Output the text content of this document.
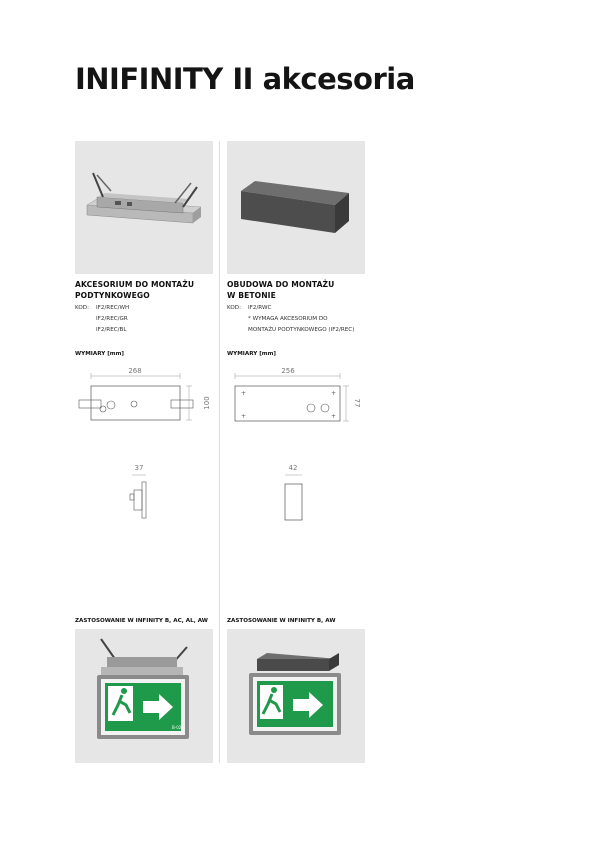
INIFINITY II akcesoria
AKCESORIUM DO MONTAŻU
PODTYNKOWEGO
KOD:	IF2/REC/WH
IF2/REC/GR
IF2/REC/BL
OBUDOWA DO MONTAŻU
W BETONIE
KOD:	IF2/RWC
* WYMAGA AKCESORIUM DO
MONTAŻU PODTYNKOWEGO (IF2/REC)
WYMIARY [mm]	WYMIARY [mm]
268
100
37
256
+
+
+
+
77
42
ZASTOSOWANIE W INFINITY B, AC, AL, AW	ZASTOSOWANIE W INFINITY B, AW
B-02
